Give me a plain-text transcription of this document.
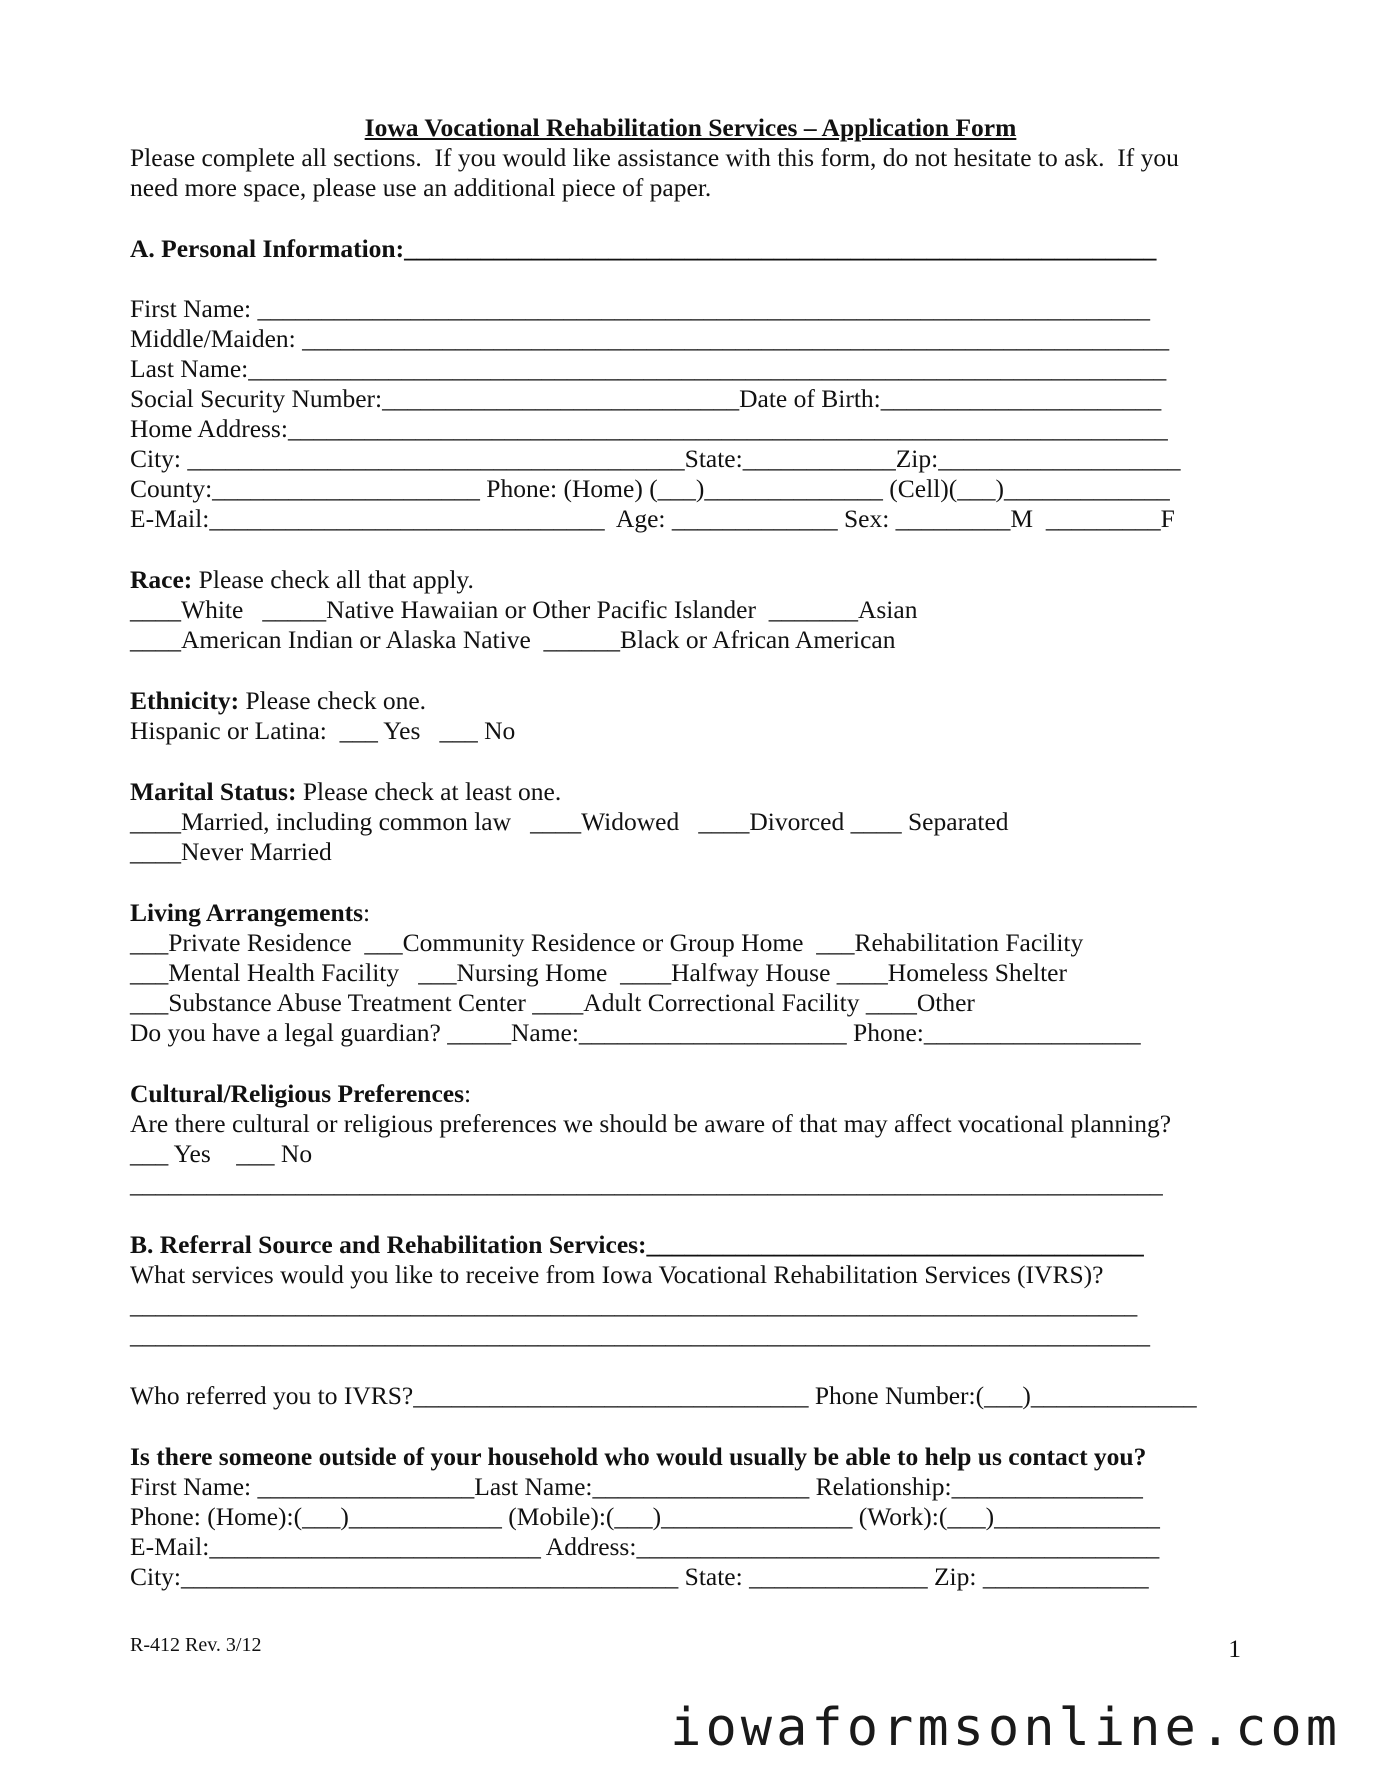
Iowa Vocational Rehabilitation Services – Application Form
Please complete all sections.  If you would like assistance with this form, do not hesitate to ask.  If you
need more space, please use an additional piece of paper.
A. Personal Information:___________________________________________________________
First Name: ______________________________________________________________________
Middle/Maiden: ____________________________________________________________________
Last Name:________________________________________________________________________
Social Security Number:____________________________Date of Birth:______________________
Home Address:_____________________________________________________________________
City: _______________________________________State:____________Zip:___________________
County:_____________________ Phone: (Home) (___)______________ (Cell)(___)_____________
E-Mail:_______________________________  Age: _____________ Sex: _________M  _________F
Race: Please check all that apply.
____White   _____Native Hawaiian or Other Pacific Islander  _______Asian
____American Indian or Alaska Native  ______Black or African American
Ethnicity: Please check one.
Hispanic or Latina:  ___ Yes   ___ No
Marital Status: Please check at least one.
____Married, including common law   ____Widowed   ____Divorced ____ Separated
____Never Married
Living Arrangements:
___Private Residence  ___Community Residence or Group Home  ___Rehabilitation Facility
___Mental Health Facility   ___Nursing Home  ____Halfway House ____Homeless Shelter
___Substance Abuse Treatment Center ____Adult Correctional Facility ____Other
Do you have a legal guardian? _____Name:_____________________ Phone:_________________
Cultural/Religious Preferences:
Are there cultural or religious preferences we should be aware of that may affect vocational planning?
___ Yes    ___ No
_________________________________________________________________________________
B. Referral Source and Rehabilitation Services:_______________________________________
What services would you like to receive from Iowa Vocational Rehabilitation Services (IVRS)?
_______________________________________________________________________________
________________________________________________________________________________
Who referred you to IVRS?_______________________________ Phone Number:(___)_____________
Is there someone outside of your household who would usually be able to help us contact you?
First Name: _________________Last Name:_________________ Relationship:_______________
Phone: (Home):(___)____________ (Mobile):(___)_______________ (Work):(___)_____________
E-Mail:__________________________ Address:_________________________________________
City:_______________________________________ State: ______________ Zip: _____________
R-412 Rev. 3/12	1
iowaformsonline.com
